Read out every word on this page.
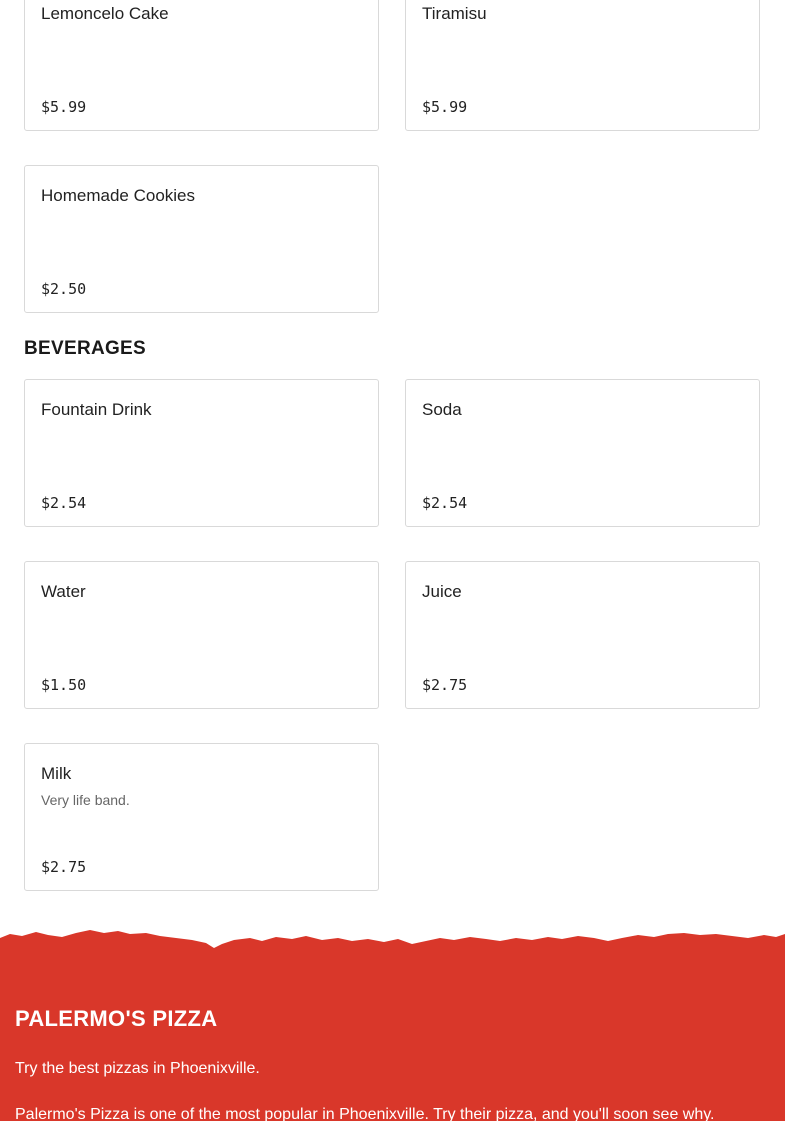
Lemoncelo Cake
$5.99
Tiramisu
$5.99
Homemade Cookies
$2.50
BEVERAGES
Fountain Drink
$2.54
Soda
$2.54
Water
$1.50
Juice
$2.75
Milk
Very life band.
$2.75
PALERMO'S PIZZA
Try the best pizzas in Phoenixville.
Palermo's Pizza is one of the most popular in Phoenixville. Try their pizza, and you'll soon see why.
